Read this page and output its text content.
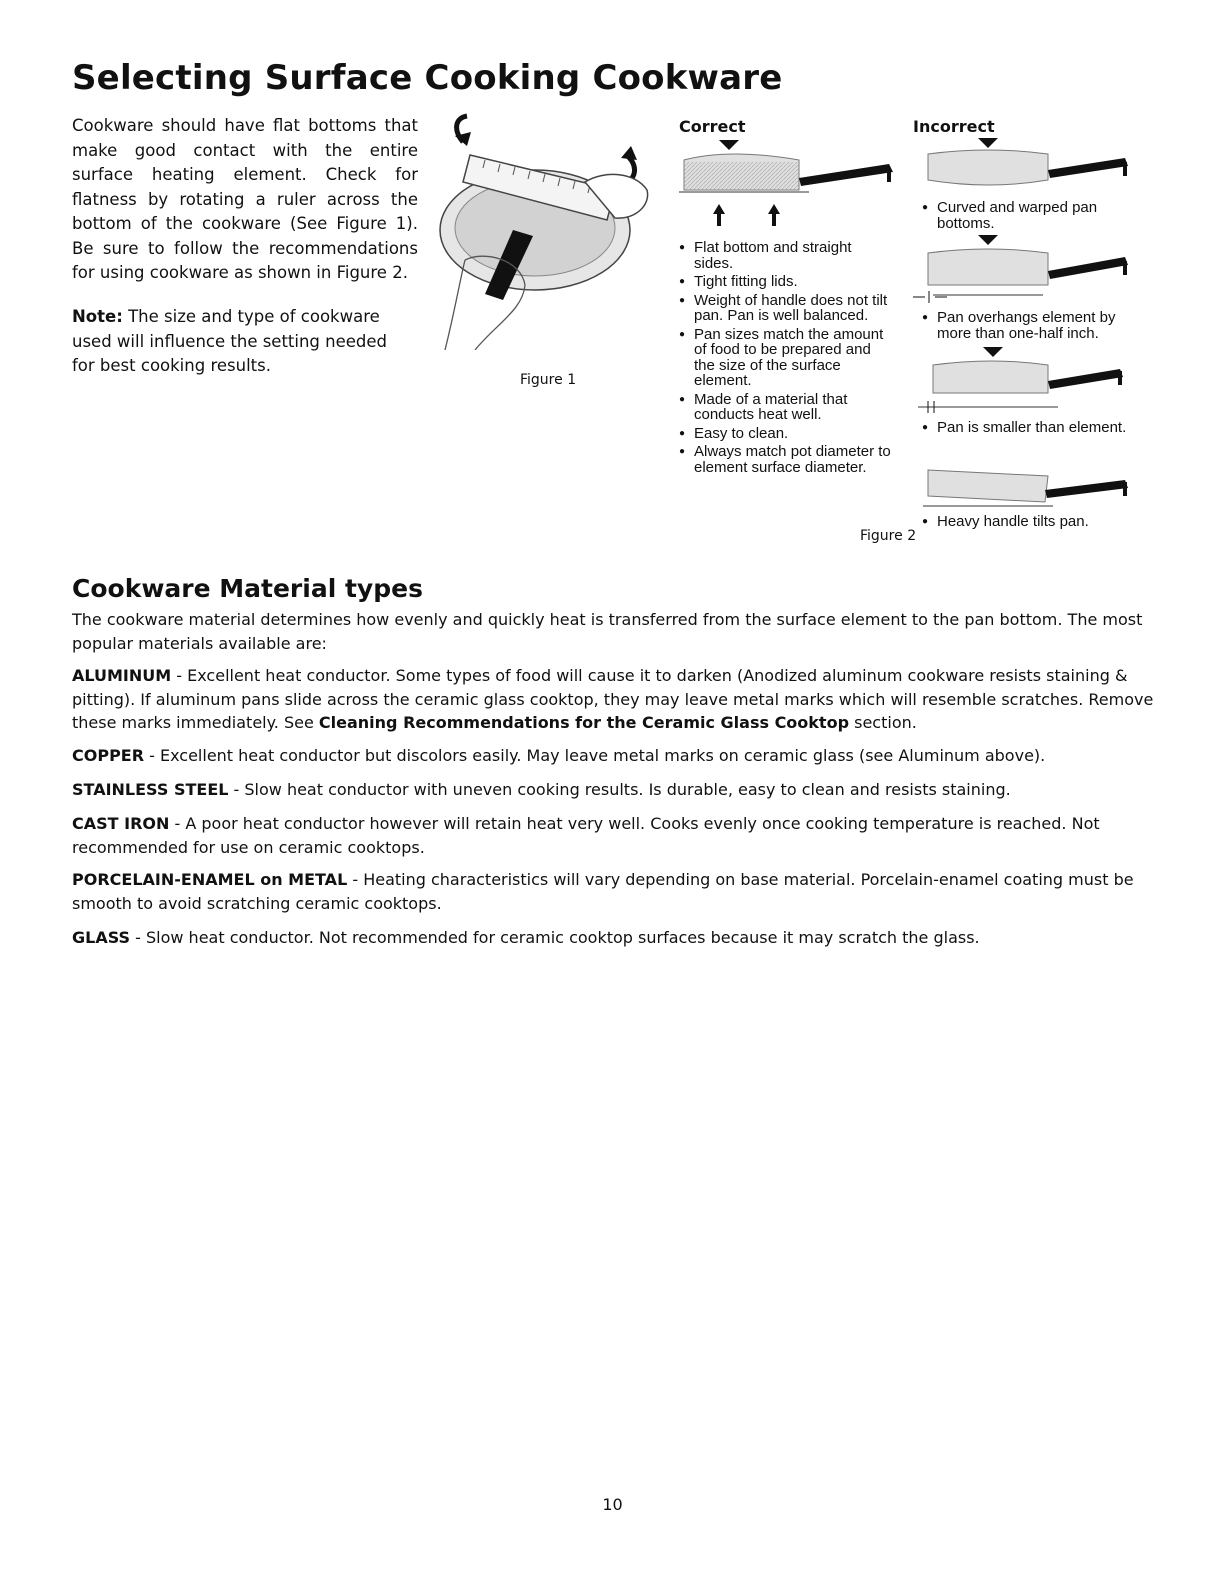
Selecting Surface Cooking Cookware

Cookware should have flat bottoms that make good contact with the entire surface heating element. Check for flatness by rotating a ruler across the bottom of the cookware (See Figure 1). Be sure to follow the recommendations for using cookware as shown in Figure 2.

Note: The size and type of cookware used will influence the setting needed for best cooking results.

Figure 1
Correct
● Flat bottom and straight sides.
● Tight fitting lids.
● Weight of handle does not tilt pan. Pan is well balanced.
● Pan sizes match the amount of food to be prepared and the size of the surface element.
● Made of a material that conducts heat well.
● Easy to clean.
● Always match pot diameter to element surface diameter.
Incorrect
● Curved and warped pan bottoms.
● Pan overhangs element by more than one-half inch.
● Pan is smaller than element.
● Heavy handle tilts pan.
Figure 2
Cookware Material types

The cookware material determines how evenly and quickly heat is transferred from the surface element to the pan bottom. The most popular materials available are:

ALUMINUM - Excellent heat conductor. Some types of food will cause it to darken (Anodized aluminum cookware resists staining & pitting). If aluminum pans slide across the ceramic glass cooktop, they may leave metal marks which will resemble scratches. Remove these marks immediately. See Cleaning Recommendations for the Ceramic Glass Cooktop section.

COPPER - Excellent heat conductor but discolors easily. May leave metal marks on ceramic glass (see Aluminum above).

STAINLESS STEEL - Slow heat conductor with uneven cooking results. Is durable, easy to clean and resists staining.

CAST IRON - A poor heat conductor however will retain heat very well. Cooks evenly once cooking temperature is reached. Not recommended for use on ceramic cooktops.

PORCELAIN-ENAMEL on METAL - Heating characteristics will vary depending on base material. Porcelain-enamel coating must be smooth to avoid scratching ceramic cooktops.

GLASS - Slow heat conductor. Not recommended for ceramic cooktop surfaces because it may scratch the glass.

10
